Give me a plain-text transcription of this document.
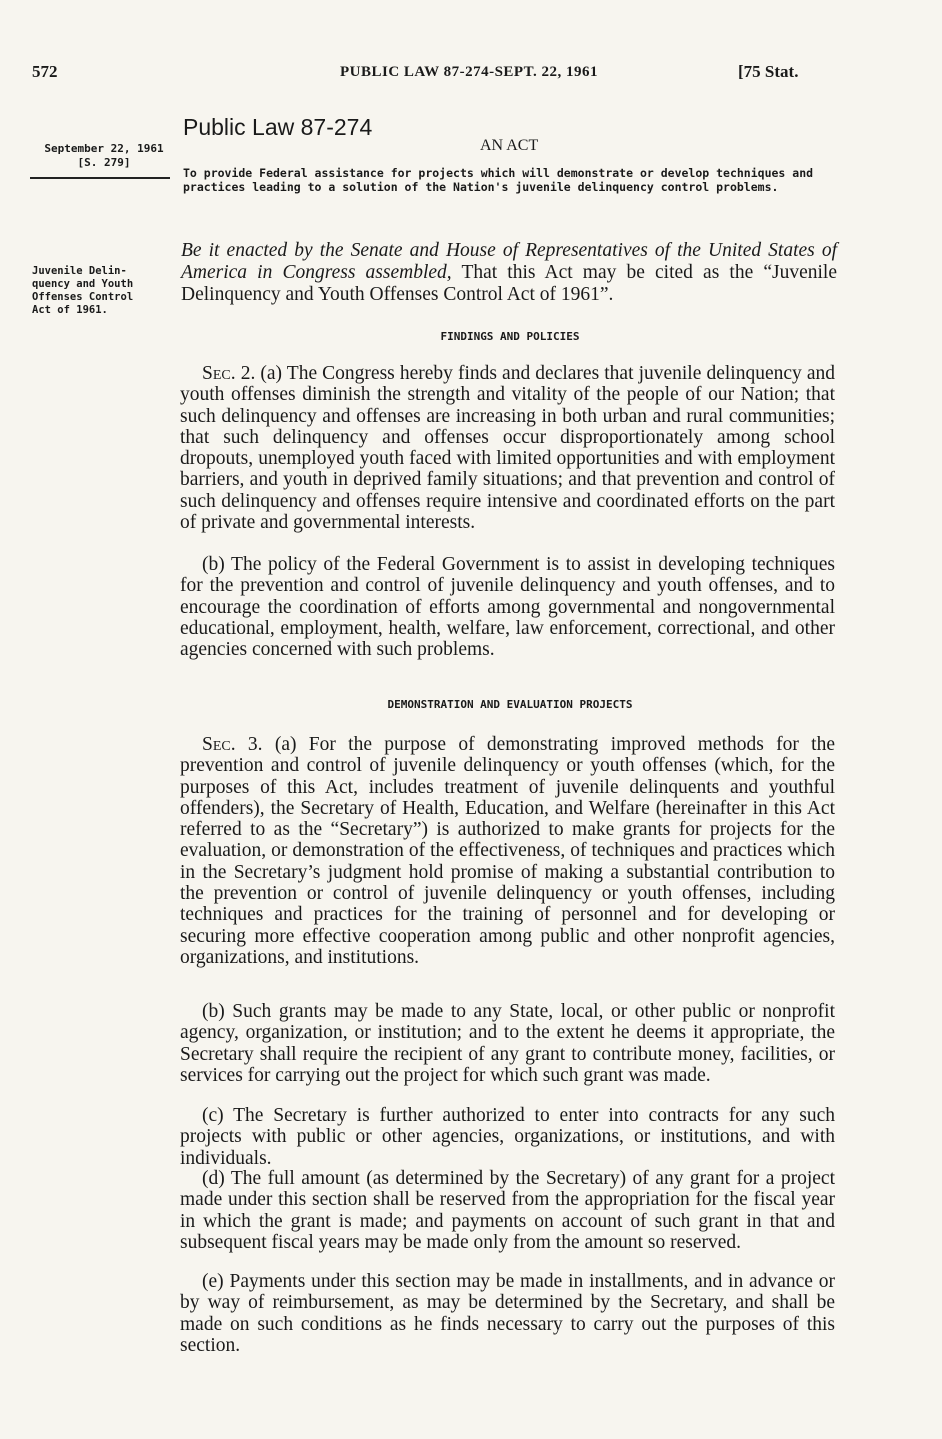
572	PUBLIC LAW 87-274-SEPT. 22, 1961	[75 Stat.
September 22, 1961
[S. 279]
Juvenile Delin-
quency and Youth
Offenses Control
Act of 1961.
Public Law 87-274
AN ACT
To provide Federal assistance for projects which will demonstrate or develop techniques and practices leading to a solution of the Nation's juvenile delinquency control problems.
Be it enacted by the Senate and House of Representatives of the United States of America in Congress assembled, That this Act may be cited as the “Juvenile Delinquency and Youth Offenses Control Act of 1961”.
FINDINGS AND POLICIES
Sec. 2. (a) The Congress hereby finds and declares that juvenile delinquency and youth offenses diminish the strength and vitality of the people of our Nation; that such delinquency and offenses are increasing in both urban and rural communities; that such delinquency and offenses occur disproportionately among school dropouts, unemployed youth faced with limited opportunities and with employment barriers, and youth in deprived family situations; and that prevention and control of such delinquency and offenses require intensive and coordinated efforts on the part of private and governmental interests.
(b) The policy of the Federal Government is to assist in developing techniques for the prevention and control of juvenile delinquency and youth offenses, and to encourage the coordination of efforts among governmental and nongovernmental educational, employment, health, welfare, law enforcement, correctional, and other agencies concerned with such problems.
DEMONSTRATION AND EVALUATION PROJECTS
Sec. 3. (a) For the purpose of demonstrating improved methods for the prevention and control of juvenile delinquency or youth offenses (which, for the purposes of this Act, includes treatment of juvenile delinquents and youthful offenders), the Secretary of Health, Education, and Welfare (hereinafter in this Act referred to as the “Secretary”) is authorized to make grants for projects for the evaluation, or demonstration of the effectiveness, of techniques and practices which in the Secretary’s judgment hold promise of making a substantial contribution to the prevention or control of juvenile delinquency or youth offenses, including techniques and practices for the training of personnel and for developing or securing more effective cooperation among public and other nonprofit agencies, organizations, and institutions.
(b) Such grants may be made to any State, local, or other public or nonprofit agency, organization, or institution; and to the extent he deems it appropriate, the Secretary shall require the recipient of any grant to contribute money, facilities, or services for carrying out the project for which such grant was made.
(c) The Secretary is further authorized to enter into contracts for any such projects with public or other agencies, organizations, or institutions, and with individuals.
(d) The full amount (as determined by the Secretary) of any grant for a project made under this section shall be reserved from the appropriation for the fiscal year in which the grant is made; and payments on account of such grant in that and subsequent fiscal years may be made only from the amount so reserved.
(e) Payments under this section may be made in installments, and in advance or by way of reimbursement, as may be determined by the Secretary, and shall be made on such conditions as he finds necessary to carry out the purposes of this section.
